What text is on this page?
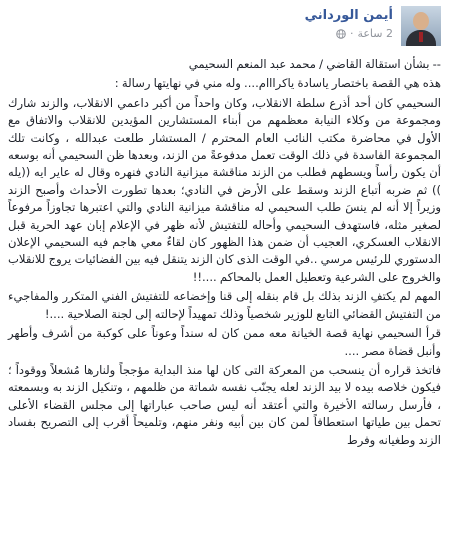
أيمن الورداني
2 ساعة
·

-- بشأن استقالة القاضي / محمد عبد المنعم السحيمي

هذه هي القصة باختصار ياسادة ياكرااام.... وله مني في نهايتها رسالة :

السحيمي كان أحد أذرع سلطة الانقلاب، وكان واحداً من أكبر داعمي الانقلاب، والزند شارك ومجموعة من وكلاء النيابة معظمهم من أبناء المستشارين المؤيدين للانقلاب والاتفاق مع الأول في محاضرة مكتب النائب العام المحترم / المستشار طلعت عبدالله ، وكانت تلك المجموعة الفاسدة في ذلك الوقت تعمل مدفوعةً من الزند، وبعدها ظن السحيمي أنه بوسعه أن يكون رأساً ويسطهم فطلب من الزند مناقشة ميزانية النادي فنهره وقال له عاير ايه ((يله )) ثم ضربه أتباع الزند وسقط على الأرض في النادي؛ بعدها تطورت الأحداث وأصبح الزند وزيراً إلا أنه لم ينسَ طلب السحيمي له مناقشة ميزانية النادي والتي اعتبرها تجاوزاً مرفوعاً لصغير مثله، فاستهدف السحيمي وأحاله للتفتيش لأنه ظهر في الإعلام إبان عهد الحرية قبل الانقلاب العسكري، العجيب أن ضمن هذا الظهور كان لقاءٌ معي هاجم فيه السحيمي الإعلان الدستوري للرئيس مرسي ..في الوقت الذى كان الزند يتنقل فيه بين الفضائيات يروج للانقلاب والخروج على الشرعية وتعطيل العمل بالمحاكم ....!!

المهم لم يكتفِ الزند بذلك بل قام بنقله إلى قنا وإخضاعه للتفتيش الفني المتكرر والمفاجيء من التفتيش القضائي التابع للوزير شخصياً وذلك تمهيداً لإحالته إلى لجنة الصلاحية ....!

قرأ السحيمي نهاية قصة الخيانة معه ممن كان له سنداً وعوناً على كوكبة من أشرف وأطهر وأنبل قضاة مصر ....

فاتخذ قراره أن ينسحب من المعركة التى كان لها منذ البداية مؤججاً ولنارها مُشعلاً ووقوداً ؛فيكون خلاصه بيده لا بيد الزند لعله يجنّب نفسه شماتة من ظلمهم ، وتنكيل الزند به وبسمعته ، فأرسل رسالته الأخيرة والتي أعتقد أنه ليس صاحب عباراتها إلى مجلس القضاء الأعلى تحمل بين طياتها استعطافاً لمن كان بين أبيه ونفر منهم، وتلميحاً أقرب إلى التصريح بفساد الزند وطغيانه وفرط
